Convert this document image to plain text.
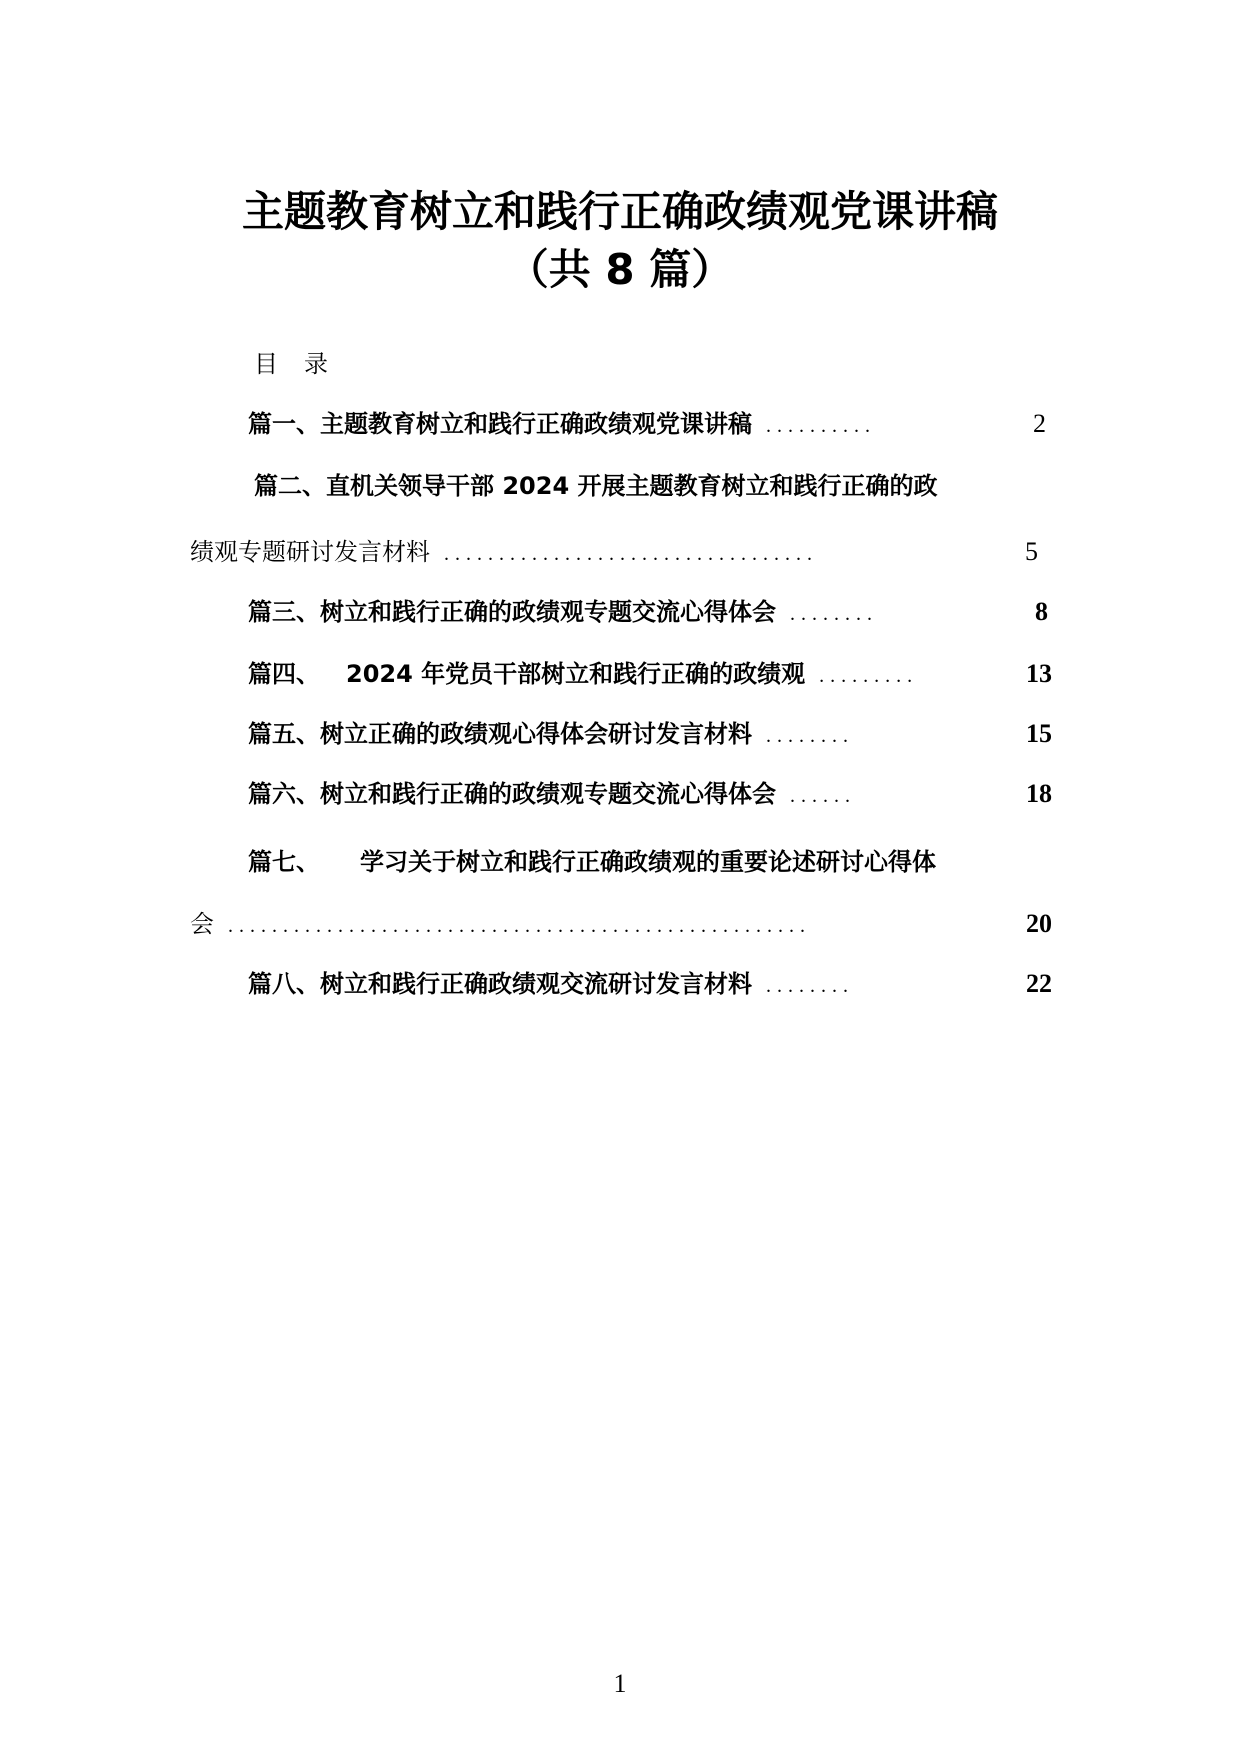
主题教育树立和践行正确政绩观党课讲稿
（共 8 篇）
目录
篇一、主题教育树立和践行正确政绩观党课讲稿 ..........	2
篇二、直机关领导干部 2024 开展主题教育树立和践行正确的政
绩观专题研讨发言材料 ..................................	5
篇三、树立和践行正确的政绩观专题交流心得体会 ........	8
篇四、 2024 年党员干部树立和践行正确的政绩观 .........	13
篇五、树立正确的政绩观心得体会研讨发言材料 ........	15
篇六、树立和践行正确的政绩观专题交流心得体会 ......	18
篇七、 学习关于树立和践行正确政绩观的重要论述研讨心得体
会 .....................................................	20
篇八、树立和践行正确政绩观交流研讨发言材料 ........	22
1
